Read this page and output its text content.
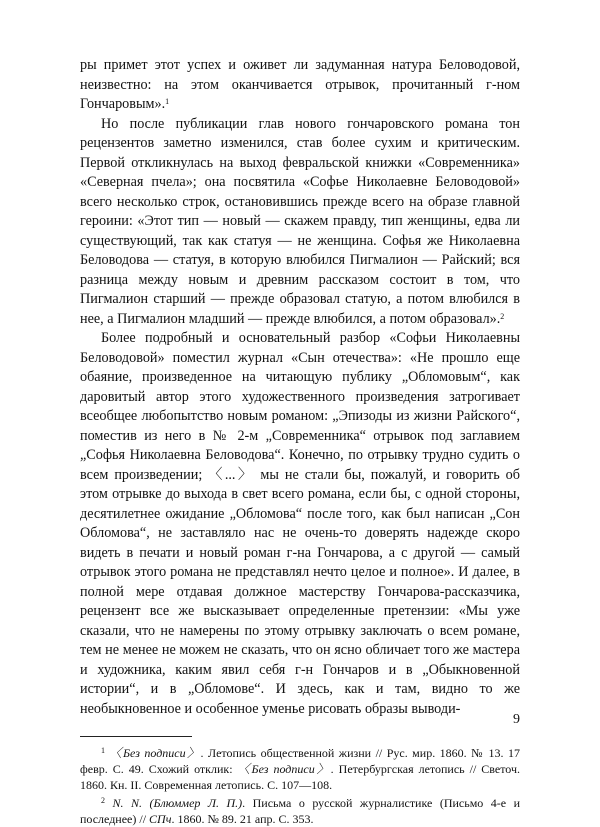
ры примет этот успех и оживет ли задуманная натура Беловодовой, неизвестно: на этом оканчивается отрывок, прочитанный г-ном Гончаровым».$^1$

Но после публикации глав нового гончаровского романа тон рецензентов заметно изменился, став более сухим и критическим. Первой откликнулась на выход февральской книжки «Современника» «Северная пчела»; она посвятила «Софье Николаевне Беловодовой» всего несколько строк, остановившись прежде всего на образе главной героини: «Этот тип — новый — скажем правду, тип женщины, едва ли существующий, так как статуя — не женщина. Софья же Николаевна Беловодова — статуя, в которую влюбился Пигмалион — Райский; вся разница между новым и древним рассказом состоит в том, что Пигмалион старший — прежде образовал статую, а потом влюбился в нее, а Пигмалион младший — прежде влюбился, а потом образовал».$^2$

Более подробный и основательный разбор «Софьи Николаевны Беловодовой» поместил журнал «Сын отечества»: «Не прошло еще обаяние, произведенное на читающую публику „Обломовым“, как даровитый автор этого художественного произведения затрогивает всеобщее любопытство новым романом: „Эпизоды из жизни Райского“, поместив из него в № 2-м „Современника“ отрывок под заглавием „Софья Николаевна Беловодова“. Конечно, по отрывку трудно судить о всем произведении; 〈...〉 мы не стали бы, пожалуй, и говорить об этом отрывке до выхода в свет всего романа, если бы, с одной стороны, десятилетнее ожидание „Обломова“ после того, как был написан „Сон Обломова“, не заставляло нас не очень-то доверять надежде скоро видеть в печати и новый роман г-на Гончарова, а с другой — самый отрывок этого романа не представлял нечто целое и полное». И далее, в полной мере отдавая должное мастерству Гончарова-рассказчика, рецензент все же высказывает определенные претензии: «Мы уже сказали, что не намерены по этому отрывку заключать о всем романе, тем не менее не можем не сказать, что он ясно обличает того же мастера и художника, каким явил себя г-н Гончаров и в „Обыкновенной истории“, и в „Обломове“. И здесь, как и там, видно то же необыкновенное и особенное уменье рисовать образы выводи-

$^1$ 〈Без подписи〉. Летопись общественной жизни // Рус. мир. 1860. № 13. 17 февр. С. 49. Схожий отклик: 〈Без подписи〉. Петербургская летопись // Светоч. 1860. Кн. II. Современная летопись. С. 107—108.

$^2$ N. N. (Блюммер Л. П.). Письма о русской журналистике (Письмо 4-е и последнее) // СПч. 1860. № 89. 21 апр. С. 353.

9
